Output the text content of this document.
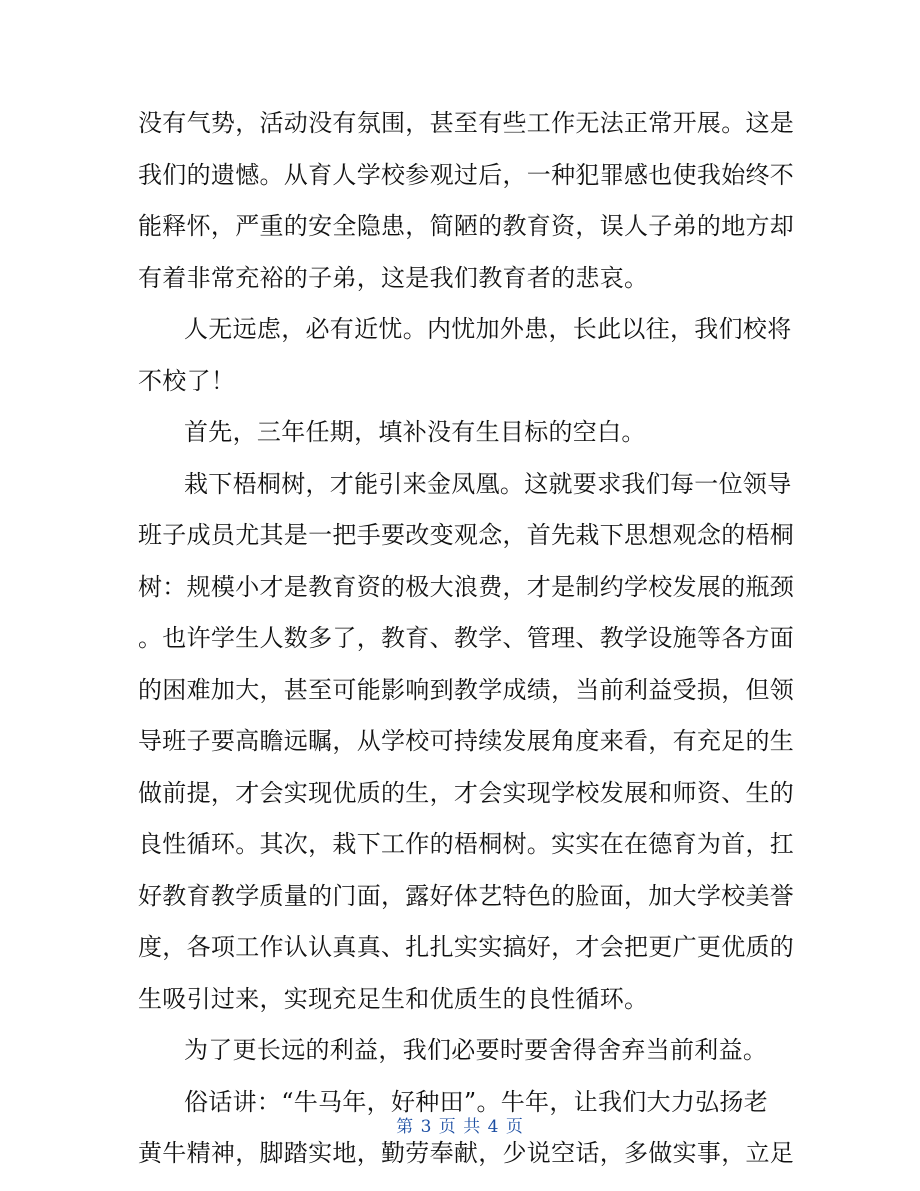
没有气势，活动没有氛围，甚至有些工作无法正常开展。这是
我们的遗憾。从育人学校参观过后，一种犯罪感也使我始终不
能释怀，严重的安全隐患，简陋的教育资，误人子弟的地方却
有着非常充裕的子弟，这是我们教育者的悲哀。
人无远虑，必有近忧。内忧加外患，长此以往，我们校将
不校了！
首先，三年任期，填补没有生目标的空白。
栽下梧桐树，才能引来金凤凰。这就要求我们每一位领导
班子成员尤其是一把手要改变观念，首先栽下思想观念的梧桐
树：规模小才是教育资的极大浪费，才是制约学校发展的瓶颈
。也许学生人数多了，教育、教学、管理、教学设施等各方面
的困难加大，甚至可能影响到教学成绩，当前利益受损，但领
导班子要高瞻远瞩，从学校可持续发展角度来看，有充足的生
做前提，才会实现优质的生，才会实现学校发展和师资、生的
良性循环。其次，栽下工作的梧桐树。实实在在德育为首，扛
好教育教学质量的门面，露好体艺特色的脸面，加大学校美誉
度，各项工作认认真真、扎扎实实搞好，才会把更广更优质的
生吸引过来，实现充足生和优质生的良性循环。
为了更长远的利益，我们必要时要舍得舍弃当前利益。
俗话讲：“牛马年，好种田”。牛年，让我们大力弘扬老
黄牛精神，脚踏实地，勤劳奉献，少说空话，多做实事，立足
第 3 页 共 4 页
